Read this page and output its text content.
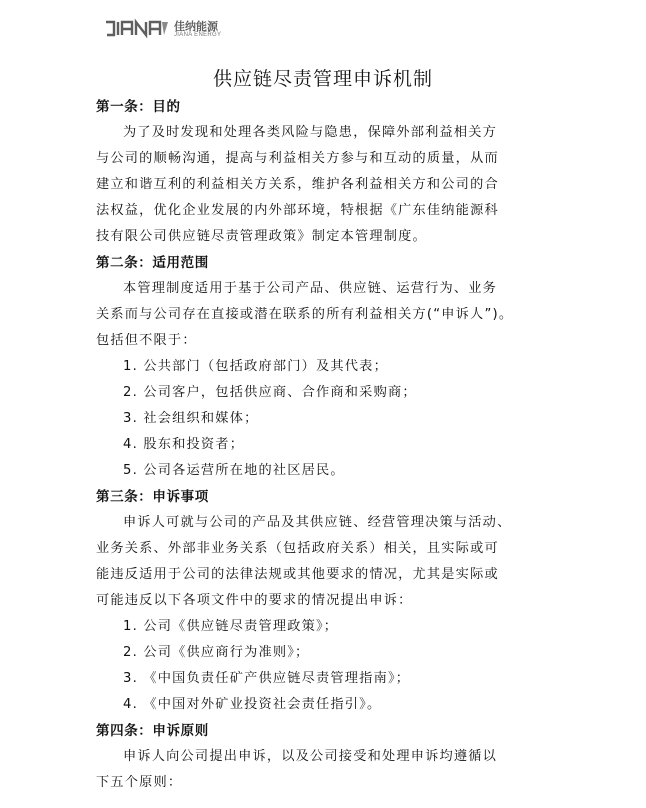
佳纳能源
JIANA ENERGY
供应链尽责管理申诉机制
第一条：目的
为了及时发现和处理各类风险与隐患，保障外部利益相关方
与公司的顺畅沟通，提高与利益相关方参与和互动的质量，从而
建立和谐互利的利益相关方关系，维护各利益相关方和公司的合
法权益，优化企业发展的内外部环境，特根据《广东佳纳能源科
技有限公司供应链尽责管理政策》制定本管理制度。
第二条：适用范围
本管理制度适用于基于公司产品、供应链、运营行为、业务
关系而与公司存在直接或潜在联系的所有利益相关方(“申诉人”)。
包括但不限于：
1. 公共部门（包括政府部门）及其代表；
2. 公司客户，包括供应商、合作商和采购商；
3. 社会组织和媒体；
4. 股东和投资者；
5. 公司各运营所在地的社区居民。
第三条：申诉事项
申诉人可就与公司的产品及其供应链、经营管理决策与活动、
业务关系、外部非业务关系（包括政府关系）相关，且实际或可
能违反适用于公司的法律法规或其他要求的情况，尤其是实际或
可能违反以下各项文件中的要求的情况提出申诉：
1. 公司《供应链尽责管理政策》；
2. 公司《供应商行为准则》；
3. 《中国负责任矿产供应链尽责管理指南》；
4. 《中国对外矿业投资社会责任指引》。
第四条：申诉原则
申诉人向公司提出申诉，以及公司接受和处理申诉均遵循以
下五个原则：
